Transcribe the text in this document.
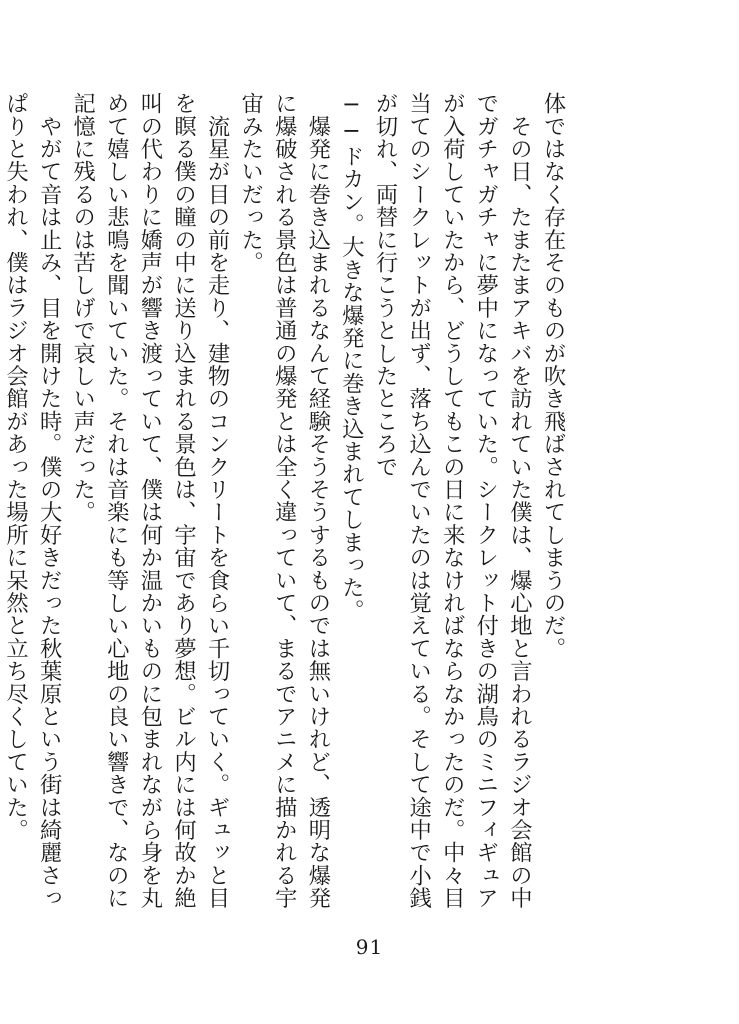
体ではなく存在そのものが吹き飛ばされてしまうのだ。

　その日、たまたまアキバを訪れていた僕は、爆心地と言われるラジオ会館の中でガチャガチャに夢中になっていた。シークレット付きの湖鳥のミニフィギュアが入荷していたから、どうしてもこの日に来なければならなかったのだ。中々目当てのシークレットが出ず、落ち込んでいたのは覚えている。そして途中で小銭が切れ、両替に行こうとしたところで

──ドカン。大きな爆発に巻き込まれてしまった。

　爆発に巻き込まれるなんて経験そうそうするものでは無いけれど、透明な爆発に爆破される景色は普通の爆発とは全く違っていて、まるでアニメに描かれる宇宙みたいだった。

　流星が目の前を走り、建物のコンクリートを食らい千切っていく。ギュッと目を瞑る僕の瞳の中に送り込まれる景色は、宇宙であり夢想。ビル内には何故か絶叫の代わりに嬌声が響き渡っていて、僕は何か温かいものに包まれながら身を丸めて嬉しい悲鳴を聞いていた。それは音楽にも等しい心地の良い響きで、なのに記憶に残るのは苦しげで哀しい声だった。

　やがて音は止み、目を開けた時。僕の大好きだった秋葉原という街は綺麗さっぱりと失われ、僕はラジオ会館があった場所に呆然と立ち尽くしていた。

91
